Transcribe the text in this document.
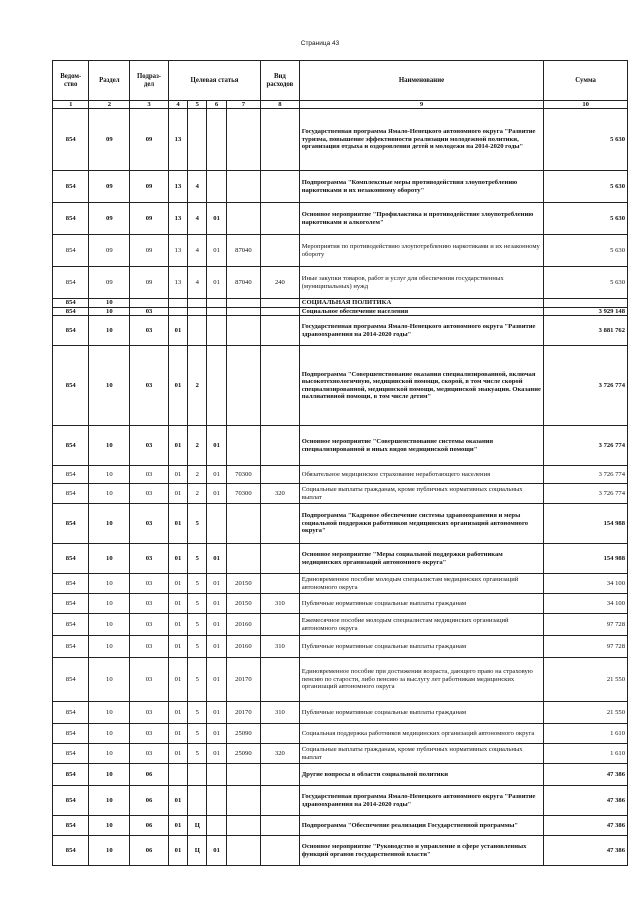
Страница 43
Ведом-ство	Раздел	Подраз-дел	Целевая статья				Вид расходов	Наименование	Сумма
1	2	3	4	5	6	7	8	9	10
854	09	09	13					Государственная программа Ямало-Ненецкого автономного округа "Развитие туризма, повышение эффективности реализации молодежной политики, организация отдыха и оздоровления детей и молодежи на 2014-2020 годы"	5 630
854	09	09	13	4				Подпрограмма "Комплексные меры противодействия злоупотреблению наркотиками и их незаконному обороту"	5 630
854	09	09	13	4	01			Основное мероприятие "Профилактика и противодействие злоупотреблению наркотиками и алкоголем"	5 630
854	09	09	13	4	01	87040		Мероприятия по противодействию злоупотреблению наркотиками и их незаконному обороту	5 630
854	09	09	13	4	01	87040	240	Иные закупки товаров, работ и услуг для обеспечения государственных (муниципальных) нужд	5 630
854	10							СОЦИАЛЬНАЯ ПОЛИТИКА	
854	10	03						Социальное обеспечение населения	3 929 148
854	10	03	01					Государственная программа Ямало-Ненецкого автономного округа "Развитие здравоохранения на 2014-2020 годы"	3 881 762
854	10	03	01	2				Подпрограмма "Совершенствование оказания специализированной, включая высокотехнологичную, медицинской помощи, скорой, в том числе скорой специализированной, медицинской помощи, медицинской эвакуации. Оказание паллиативной помощи, в том числе детям"	3 726 774
854	10	03	01	2	01			Основное мероприятие "Совершенствование системы оказания специализированной и иных видов медицинской помощи"	3 726 774
854	10	03	01	2	01	70300		Обязательное медицинское страхование неработающего населения	3 726 774
854	10	03	01	2	01	70300	320	Социальные выплаты гражданам, кроме публичных нормативных социальных выплат	3 726 774
854	10	03	01	5				Подпрограмма "Кадровое обеспечение системы здравоохранения и меры социальной поддержки работников медицинских организаций автономного округа"	154 988
854	10	03	01	5	01			Основное мероприятие "Меры социальной поддержки работникам медицинских организаций автономного округа"	154 988
854	10	03	01	5	01	20150		Единовременное пособие молодым специалистам медицинских организаций автономного округа	34 100
854	10	03	01	5	01	20150	310	Публичные нормативные социальные выплаты гражданам	34 100
854	10	03	01	5	01	20160		Ежемесячное пособие молодым специалистам медицинских организаций автономного округа	97 728
854	10	03	01	5	01	20160	310	Публичные нормативные социальные выплаты гражданам	97 728
854	10	03	01	5	01	20170		Единовременное пособие при достижении возраста, дающего право на страховую пенсию по старости, либо пенсию за выслугу лет работникам медицинских организаций автономного округа	21 550
854	10	03	01	5	01	20170	310	Публичные нормативные социальные выплаты гражданам	21 550
854	10	03	01	5	01	25090		Социальная поддержка работников медицинских организаций автономного округа	1 610
854	10	03	01	5	01	25090	320	Социальные выплаты гражданам, кроме публичных нормативных социальных выплат	1 610
854	10	06						Другие вопросы в области социальной политики	47 386
854	10	06	01					Государственная программа Ямало-Ненецкого автономного округа "Развитие здравоохранения на 2014-2020 годы"	47 386
854	10	06	01	Ц				Подпрограмма "Обеспечение реализации Государственной программы"	47 386
854	10	06	01	Ц	01			Основное мероприятие "Руководство и управление в сфере установленных функций органов государственной власти"	47 386
